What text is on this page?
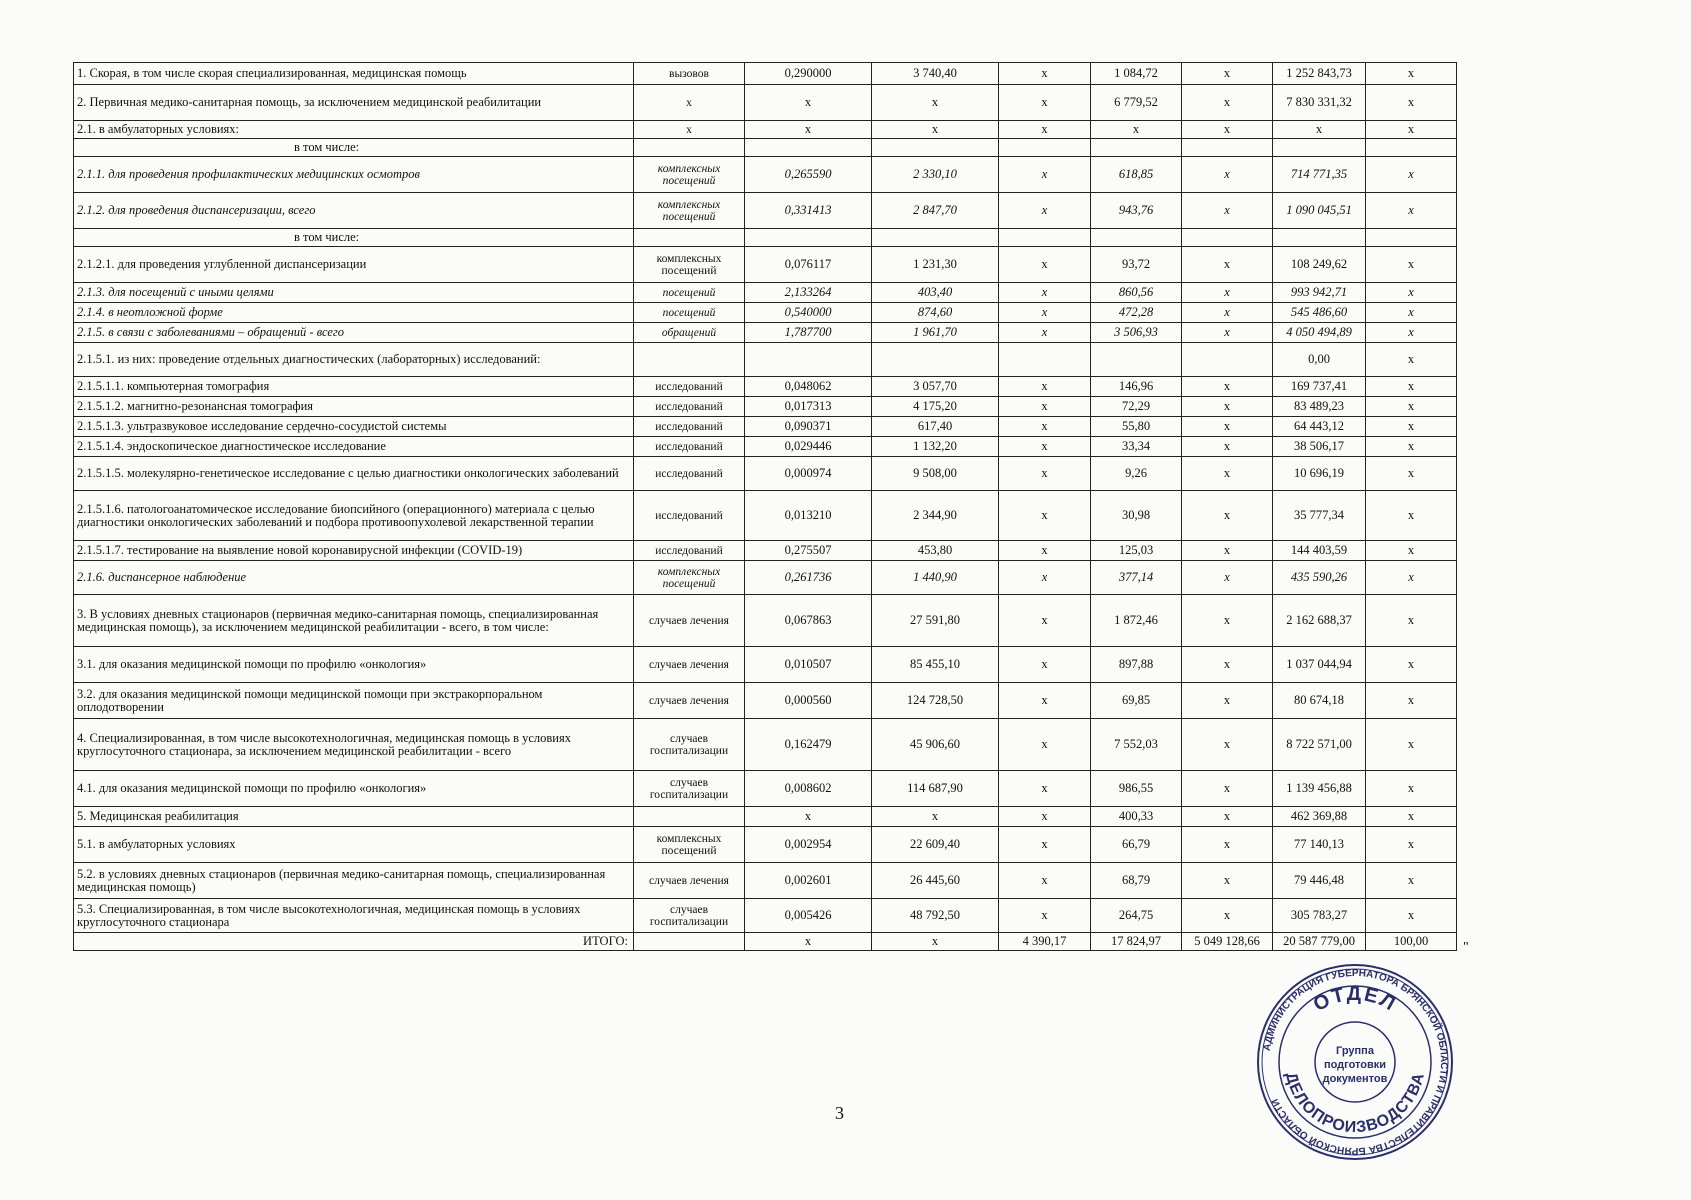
1. Скорая, в том числе скорая специализированная, медицинская помощь	вызовов	0,290000	3 740,40	х	1 084,72	х	1 252 843,73	х
2. Первичная медико-санитарная помощь, за исключением медицинской реабилитации	х	х	х	х	6 779,52	х	7 830 331,32	х
2.1. в амбулаторных условиях:	х	х	х	х	х	х	х	х
в том числе:								
2.1.1. для проведения профилактических медицинских осмотров	комплексных посещений	0,265590	2 330,10	х	618,85	х	714 771,35	х
2.1.2. для проведения диспансеризации, всего	комплексных посещений	0,331413	2 847,70	х	943,76	х	1 090 045,51	х
в том числе:								
2.1.2.1. для проведения углубленной диспансеризации	комплексных посещений	0,076117	1 231,30	х	93,72	х	108 249,62	х
2.1.3. для посещений с иными целями	посещений	2,133264	403,40	х	860,56	х	993 942,71	х
2.1.4. в неотложной форме	посещений	0,540000	874,60	х	472,28	х	545 486,60	х
2.1.5. в связи с заболеваниями – обращений - всего	обращений	1,787700	1 961,70	х	3 506,93	х	4 050 494,89	х
2.1.5.1. из них: проведение отдельных диагностических (лабораторных) исследований:							0,00	х
2.1.5.1.1. компьютерная томография	исследований	0,048062	3 057,70	х	146,96	х	169 737,41	х
2.1.5.1.2. магнитно-резонансная томография	исследований	0,017313	4 175,20	х	72,29	х	83 489,23	х
2.1.5.1.3. ультразвуковое исследование сердечно-сосудистой системы	исследований	0,090371	617,40	х	55,80	х	64 443,12	х
2.1.5.1.4. эндоскопическое диагностическое исследование	исследований	0,029446	1 132,20	х	33,34	х	38 506,17	х
2.1.5.1.5. молекулярно-генетическое исследование с целью диагностики онкологических заболеваний	исследований	0,000974	9 508,00	х	9,26	х	10 696,19	х
2.1.5.1.6. патологоанатомическое исследование биопсийного (операционного) материала с целью диагностики онкологических заболеваний и подбора противоопухолевой лекарственной терапии	исследований	0,013210	2 344,90	х	30,98	х	35 777,34	х
2.1.5.1.7. тестирование на выявление новой коронавирусной инфекции (COVID-19)	исследований	0,275507	453,80	х	125,03	х	144 403,59	х
2.1.6. диспансерное наблюдение	комплексных посещений	0,261736	1 440,90	х	377,14	х	435 590,26	х
3. В условиях дневных стационаров (первичная медико-санитарная помощь, специализированная медицинская помощь), за исключением медицинской реабилитации - всего, в том числе:	случаев лечения	0,067863	27 591,80	х	1 872,46	х	2 162 688,37	х
3.1. для оказания медицинской помощи по профилю «онкология»	случаев лечения	0,010507	85 455,10	х	897,88	х	1 037 044,94	х
3.2. для оказания медицинской помощи медицинской помощи при экстракорпоральном оплодотворении	случаев лечения	0,000560	124 728,50	х	69,85	х	80 674,18	х
4. Специализированная, в том числе высокотехнологичная, медицинская помощь в условиях круглосуточного стационара, за исключением медицинской реабилитации - всего	случаев госпитализации	0,162479	45 906,60	х	7 552,03	х	8 722 571,00	х
4.1. для оказания медицинской помощи по профилю «онкология»	случаев госпитализации	0,008602	114 687,90	х	986,55	х	1 139 456,88	х
5. Медицинская реабилитация		х	х	х	400,33	х	462 369,88	х
5.1. в амбулаторных условиях	комплексных посещений	0,002954	22 609,40	х	66,79	х	77 140,13	х
5.2. в условиях дневных стационаров (первичная медико-санитарная помощь, специализированная медицинская помощь)	случаев лечения	0,002601	26 445,60	х	68,79	х	79 446,48	х
5.3. Специализированная, в том числе высокотехнологичная, медицинская помощь в условиях круглосуточного стационара	случаев госпитализации	0,005426	48 792,50	х	264,75	х	305 783,27	х
ИТОГО:		х	х	4 390,17	17 824,97	5 049 128,66	20 587 779,00	100,00 "
3
АДМИНИСТРАЦИЯ ГУБЕРНАТОРА БРЯНСКОЙ ОБЛАСТИ И ПРАВИТЕЛЬСТВА БРЯНСКОЙ ОБЛАСТИ
ОТДЕЛ
ДЕЛОПРОИЗВОДСТВА
Группа
подготовки
документов
